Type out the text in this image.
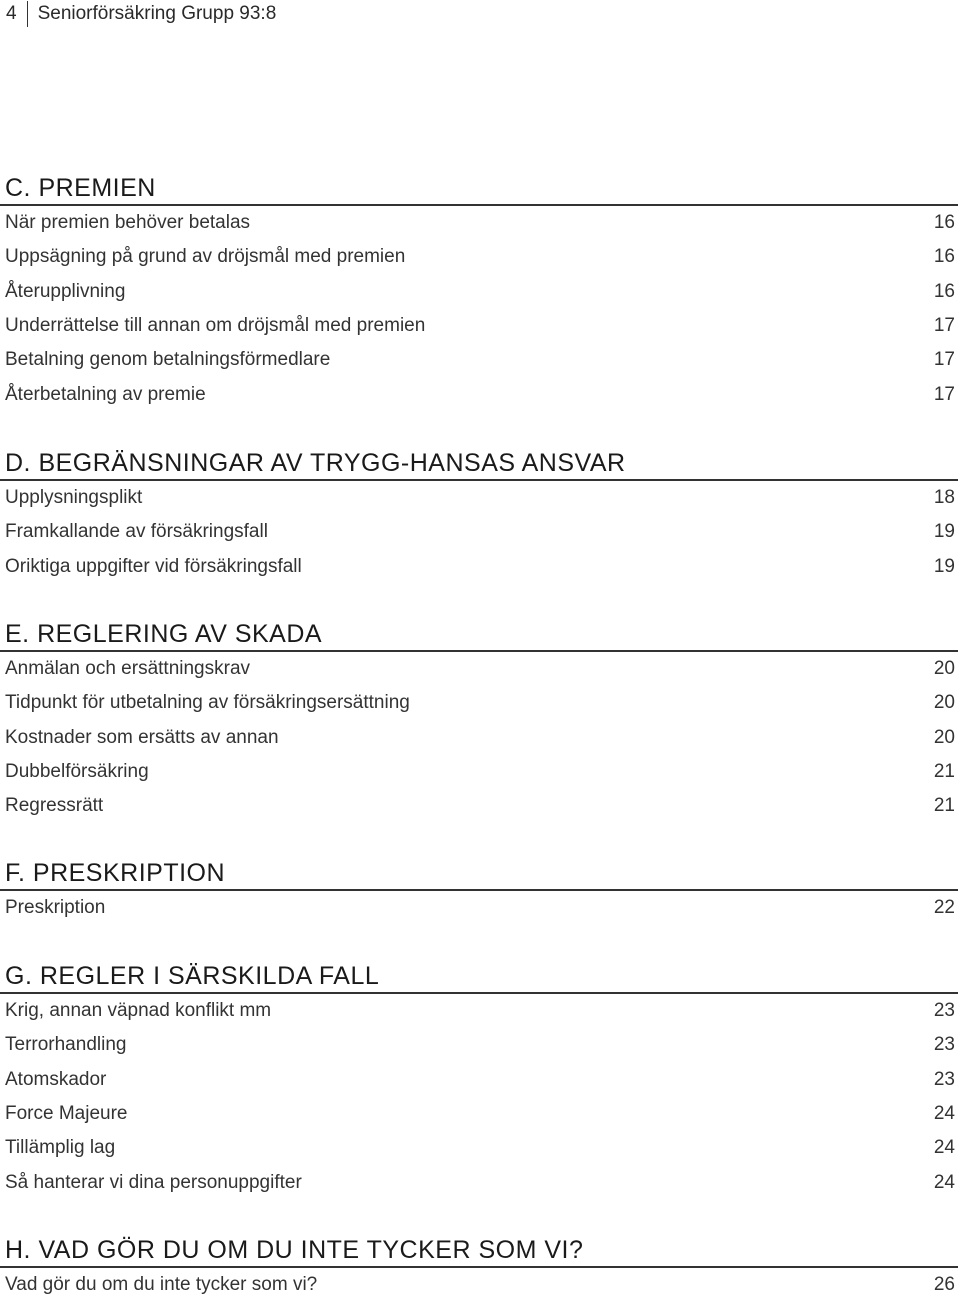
4	Seniorförsäkring Grupp 93:8
C. PREMIEN
När premien behöver betalas	16
Uppsägning på grund av dröjsmål med premien	16
Återupplivning	16
Underrättelse till annan om dröjsmål med premien	17
Betalning genom betalningsförmedlare	17
Återbetalning av premie	17
D. BEGRÄNSNINGAR AV TRYGG-HANSAS ANSVAR
Upplysningsplikt	18
Framkallande av försäkringsfall	19
Oriktiga uppgifter vid försäkringsfall	19
E. REGLERING AV SKADA
Anmälan och ersättningskrav	20
Tidpunkt för utbetalning av försäkringsersättning	20
Kostnader som ersätts av annan	20
Dubbelförsäkring	21
Regressrätt	21
F. PRESKRIPTION
Preskription	22
G. REGLER I SÄRSKILDA FALL
Krig, annan väpnad konflikt mm	23
Terrorhandling	23
Atomskador	23
Force Majeure	24
Tillämplig lag	24
Så hanterar vi dina personuppgifter	24
H. VAD GÖR DU OM DU INTE TYCKER SOM VI?
Vad gör du om du inte tycker som vi?	26
